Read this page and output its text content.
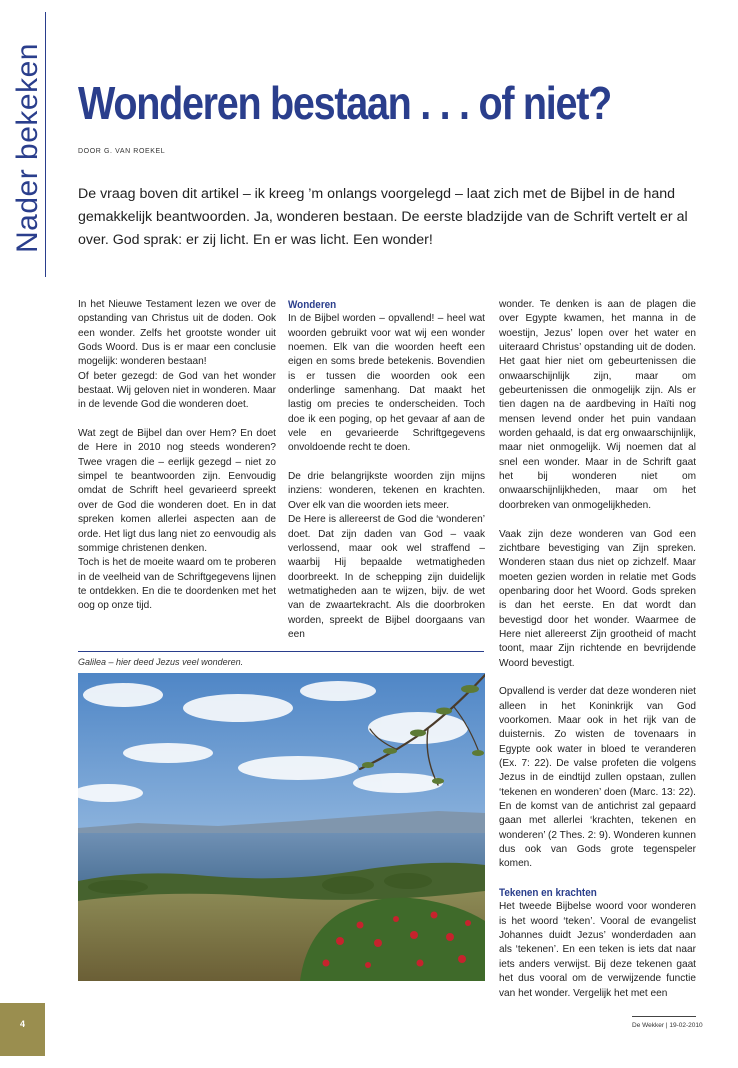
Nader bekeken Wonderen bestaan . . . of niet?
DOOR G. VAN ROEKEL

De vraag boven dit artikel – ik kreeg ’m onlangs voorgelegd – laat zich met de Bijbel in de hand gemakkelijk beantwoorden. Ja, wonderen bestaan. De eerste bladzijde van de Schrift vertelt er al over. God sprak: er zij licht. En er was licht. Een wonder!

In het Nieuwe Testament lezen we over de opstanding van Christus uit de doden. Ook een wonder. Zelfs het grootste wonder uit Gods Woord. Dus is er maar een conclusie mogelijk: wonderen bestaan!

Of beter gezegd: de God van het wonder bestaat. Wij geloven niet in wonderen. Maar in de levende God die wonderen doet.

Wat zegt de Bijbel dan over Hem? En doet de Here in 2010 nog steeds wonderen? Twee vragen die – eerlijk gezegd – niet zo simpel te beantwoorden zijn. Eenvoudig omdat de Schrift heel gevarieerd spreekt over de God die wonderen doet. En in dat spreken komen allerlei aspecten aan de orde. Het ligt dus lang niet zo eenvoudig als sommige christenen denken.

Toch is het de moeite waard om te proberen in de veelheid van de Schriftgegevens lijnen te ontdekken. En die te doordenken met het oog op onze tijd.

Wonderen

In de Bijbel worden – opvallend! – heel wat woorden gebruikt voor wat wij een wonder noemen. Elk van die woorden heeft een eigen en soms brede betekenis. Bovendien is er tussen die woorden ook een onderlinge samenhang. Dat maakt het lastig om precies te onderscheiden. Toch doe ik een poging, op het gevaar af aan de vele en gevarieerde Schriftgegevens onvoldoende recht te doen.

De drie belangrijkste woorden zijn mijns inziens: wonderen, tekenen en krachten. Over elk van die woorden iets meer.

De Here is allereerst de God die ‘wonderen’ doet. Dat zijn daden van God – vaak verlossend, maar ook wel straffend – waarbij Hij bepaalde wetmatigheden doorbreekt. In de schepping zijn duidelijk wetmatigheden aan te wijzen, bijv. de wet van de zwaartekracht. Als die doorbroken worden, spreekt de Bijbel doorgaans van een

wonder. Te denken is aan de plagen die over Egypte kwamen, het manna in de woestijn, Jezus’ lopen over het water en uiteraard Christus’ opstanding uit de doden. Het gaat hier niet om gebeurtenissen die onwaarschijnlijk zijn, maar om gebeurtenissen die onmogelijk zijn. Als er tien dagen na de aardbeving in Haïti nog mensen levend onder het puin vandaan worden gehaald, is dat erg onwaarschijnlijk, maar niet onmogelijk. Wij noemen dat al snel een wonder. Maar in de Schrift gaat het bij wonderen niet om onwaarschijnlijkheden, maar om het doorbreken van onmogelijkheden.

Vaak zijn deze wonderen van God een zichtbare bevestiging van Zijn spreken. Wonderen staan dus niet op zichzelf. Maar moeten gezien worden in relatie met Gods openbaring door het Woord. Gods spreken is dan het eerste. En dat wordt dan bevestigd door het wonder. Waarmee de Here niet allereerst Zijn grootheid of macht toont, maar Zijn richtende en bevrijdende Woord bevestigt.

Opvallend is verder dat deze wonderen niet alleen in het Koninkrijk van God voorkomen. Maar ook in het rijk van de duisternis. Zo wisten de tovenaars in Egypte ook water in bloed te veranderen (Ex. 7: 22). De valse profeten die volgens Jezus in de eindtijd zullen opstaan, zullen ‘tekenen en wonderen’ doen (Marc. 13: 22). En de komst van de antichrist zal gepaard gaan met allerlei ‘krachten, tekenen en wonderen’ (2 Thes. 2: 9). Wonderen kunnen dus ook van Gods grote tegenspeler komen.

Tekenen en krachten

Het tweede Bijbelse woord voor wonderen is het woord ‘teken’. Vooral de evangelist Johannes duidt Jezus’ wonderdaden aan als ‘tekenen’. En een teken is iets dat naar iets anders verwijst. Bij deze tekenen gaat het dus vooral om de verwijzende functie van het wonder. Vergelijk het met een

Galilea – hier deed Jezus veel wonderen.
4	De Wekker | 19-02-2010
